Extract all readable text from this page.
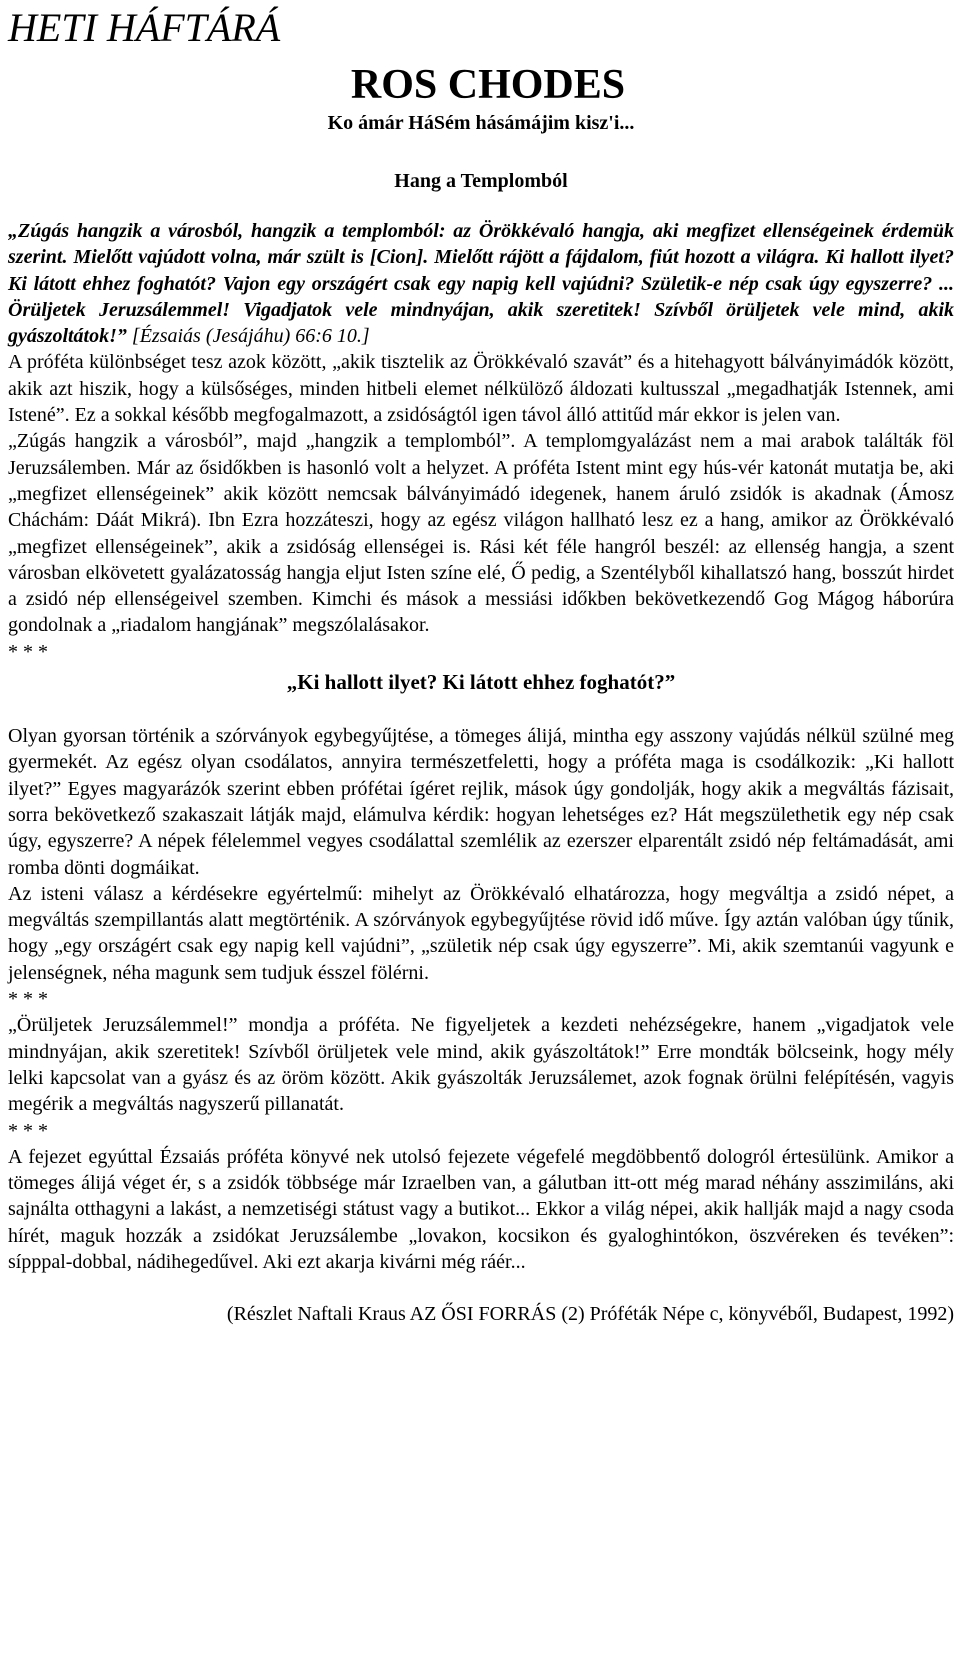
HETI HÁFTÁRÁ
ROS CHODES
Ko ámár HáSém hásámájim kisz'i...
Hang a Templomból
„Zúgás hangzik a városból, hangzik a templomból: az Örökkévaló hangja, aki megfizet ellenségeinek érdemük szerint. Mielőtt vajúdott volna, már szült is [Cion]. Mielőtt rájött a fájdalom, fiút hozott a világra. Ki hallott ilyet? Ki látott ehhez foghatót? Vajon egy országért csak egy napig kell vajúdni? Születik-e nép csak úgy egyszerre? ... Örüljetek Jeruzsálemmel! Vigadjatok vele mindnyájan, akik szeretitek! Szívből örüljetek vele mind, akik gyászoltátok!” [Ézsaiás (Jesájáhu) 66:6 10.]

A próféta különbséget tesz azok között, „akik tisztelik az Örökkévaló szavát” és a hitehagyott bálványimádók között, akik azt hiszik, hogy a külsőséges, minden hitbeli elemet nélkülöző áldozati kultusszal „megadhatják Istennek, ami Istené”. Ez a sokkal később megfogalmazott, a zsidóságtól igen távol álló attitűd már ekkor is jelen van.

„Zúgás hangzik a városból”, majd „hangzik a templomból”. A templomgyalázást nem a mai arabok találták föl Jeruzsálemben. Már az ősidőkben is hasonló volt a helyzet. A próféta Istent mint egy hús-vér katonát mutatja be, aki „megfizet ellenségeinek” akik között nemcsak bálványimádó idegenek, hanem áruló zsidók is akadnak (Ámosz Cháchám: Dáát Mikrá). Ibn Ezra hozzáteszi, hogy az egész világon hallható lesz ez a hang, amikor az Örökkévaló „megfizet ellenségeinek”, akik a zsidóság ellenségei is. Rási két féle hangról beszél: az ellenség hangja, a szent városban elkövetett gyalázatosság hangja eljut Isten színe elé, Ő pedig, a Szentélyből kihallatszó hang, bosszút hirdet a zsidó nép ellenségeivel szemben. Kimchi és mások a messiási időkben bekövetkezendő Gog Mágog háborúra gondolnak a „riadalom hangjának” megszólalásakor.

* * *
„Ki hallott ilyet? Ki látott ehhez foghatót?”

Olyan gyorsan történik a szórványok egybegyűjtése, a tömeges álijá, mintha egy asszony vajúdás nélkül szülné meg gyermekét. Az egész olyan csodálatos, annyira természetfeletti, hogy a próféta maga is csodálkozik: „Ki hallott ilyet?” Egyes magyarázók szerint ebben prófétai ígéret rejlik, mások úgy gondolják, hogy akik a megváltás fázisait, sorra bekövetkező szakaszait látják majd, elámulva kérdik: hogyan lehetséges ez? Hát megszülethetik egy nép csak úgy, egyszerre? A népek félelemmel vegyes csodálattal szemlélik az ezerszer elparentált zsidó nép feltámadását, ami romba dönti dogmáikat.

Az isteni válasz a kérdésekre egyértelmű: mihelyt az Örökkévaló elhatározza, hogy megváltja a zsidó népet, a megváltás szempillantás alatt megtörténik. A szórványok egybegyűjtése rövid idő műve. Így aztán valóban úgy tűnik, hogy „egy országért csak egy napig kell vajúdni”, „születik nép csak úgy egyszerre”. Mi, akik szemtanúi vagyunk e jelenségnek, néha magunk sem tudjuk ésszel fölérni.

* * *

„Örüljetek Jeruzsálemmel!” mondja a próféta. Ne figyeljetek a kezdeti nehézségekre, hanem „vigadjatok vele mindnyájan, akik szeretitek! Szívből örüljetek vele mind, akik gyászoltátok!” Erre mondták bölcseink, hogy mély lelki kapcsolat van a gyász és az öröm között. Akik gyászolták Jeruzsálemet, azok fognak örülni felépítésén, vagyis megérik a megváltás nagyszerű pillanatát.

* * *

A fejezet egyúttal Ézsaiás próféta könyvé nek utolsó fejezete végefelé megdöbbentő dologról értesülünk. Amikor a tömeges álijá véget ér, s a zsidók többsége már Izraelben van, a gálutban itt-ott még marad néhány asszimiláns, aki sajnálta otthagyni a lakást, a nemzetiségi státust vagy a butikot... Ekkor a világ népei, akik hallják majd a nagy csoda hírét, maguk hozzák a zsidókat Jeruzsálembe „lovakon, kocsikon és gyaloghintókon, öszvéreken és tevéken”: sípppal-dobbal, nádihegedűvel. Aki ezt akarja kivárni még ráér...

(Részlet Naftali Kraus AZ ŐSI FORRÁS (2) Próféták Népe c, könyvéből, Budapest, 1992)
